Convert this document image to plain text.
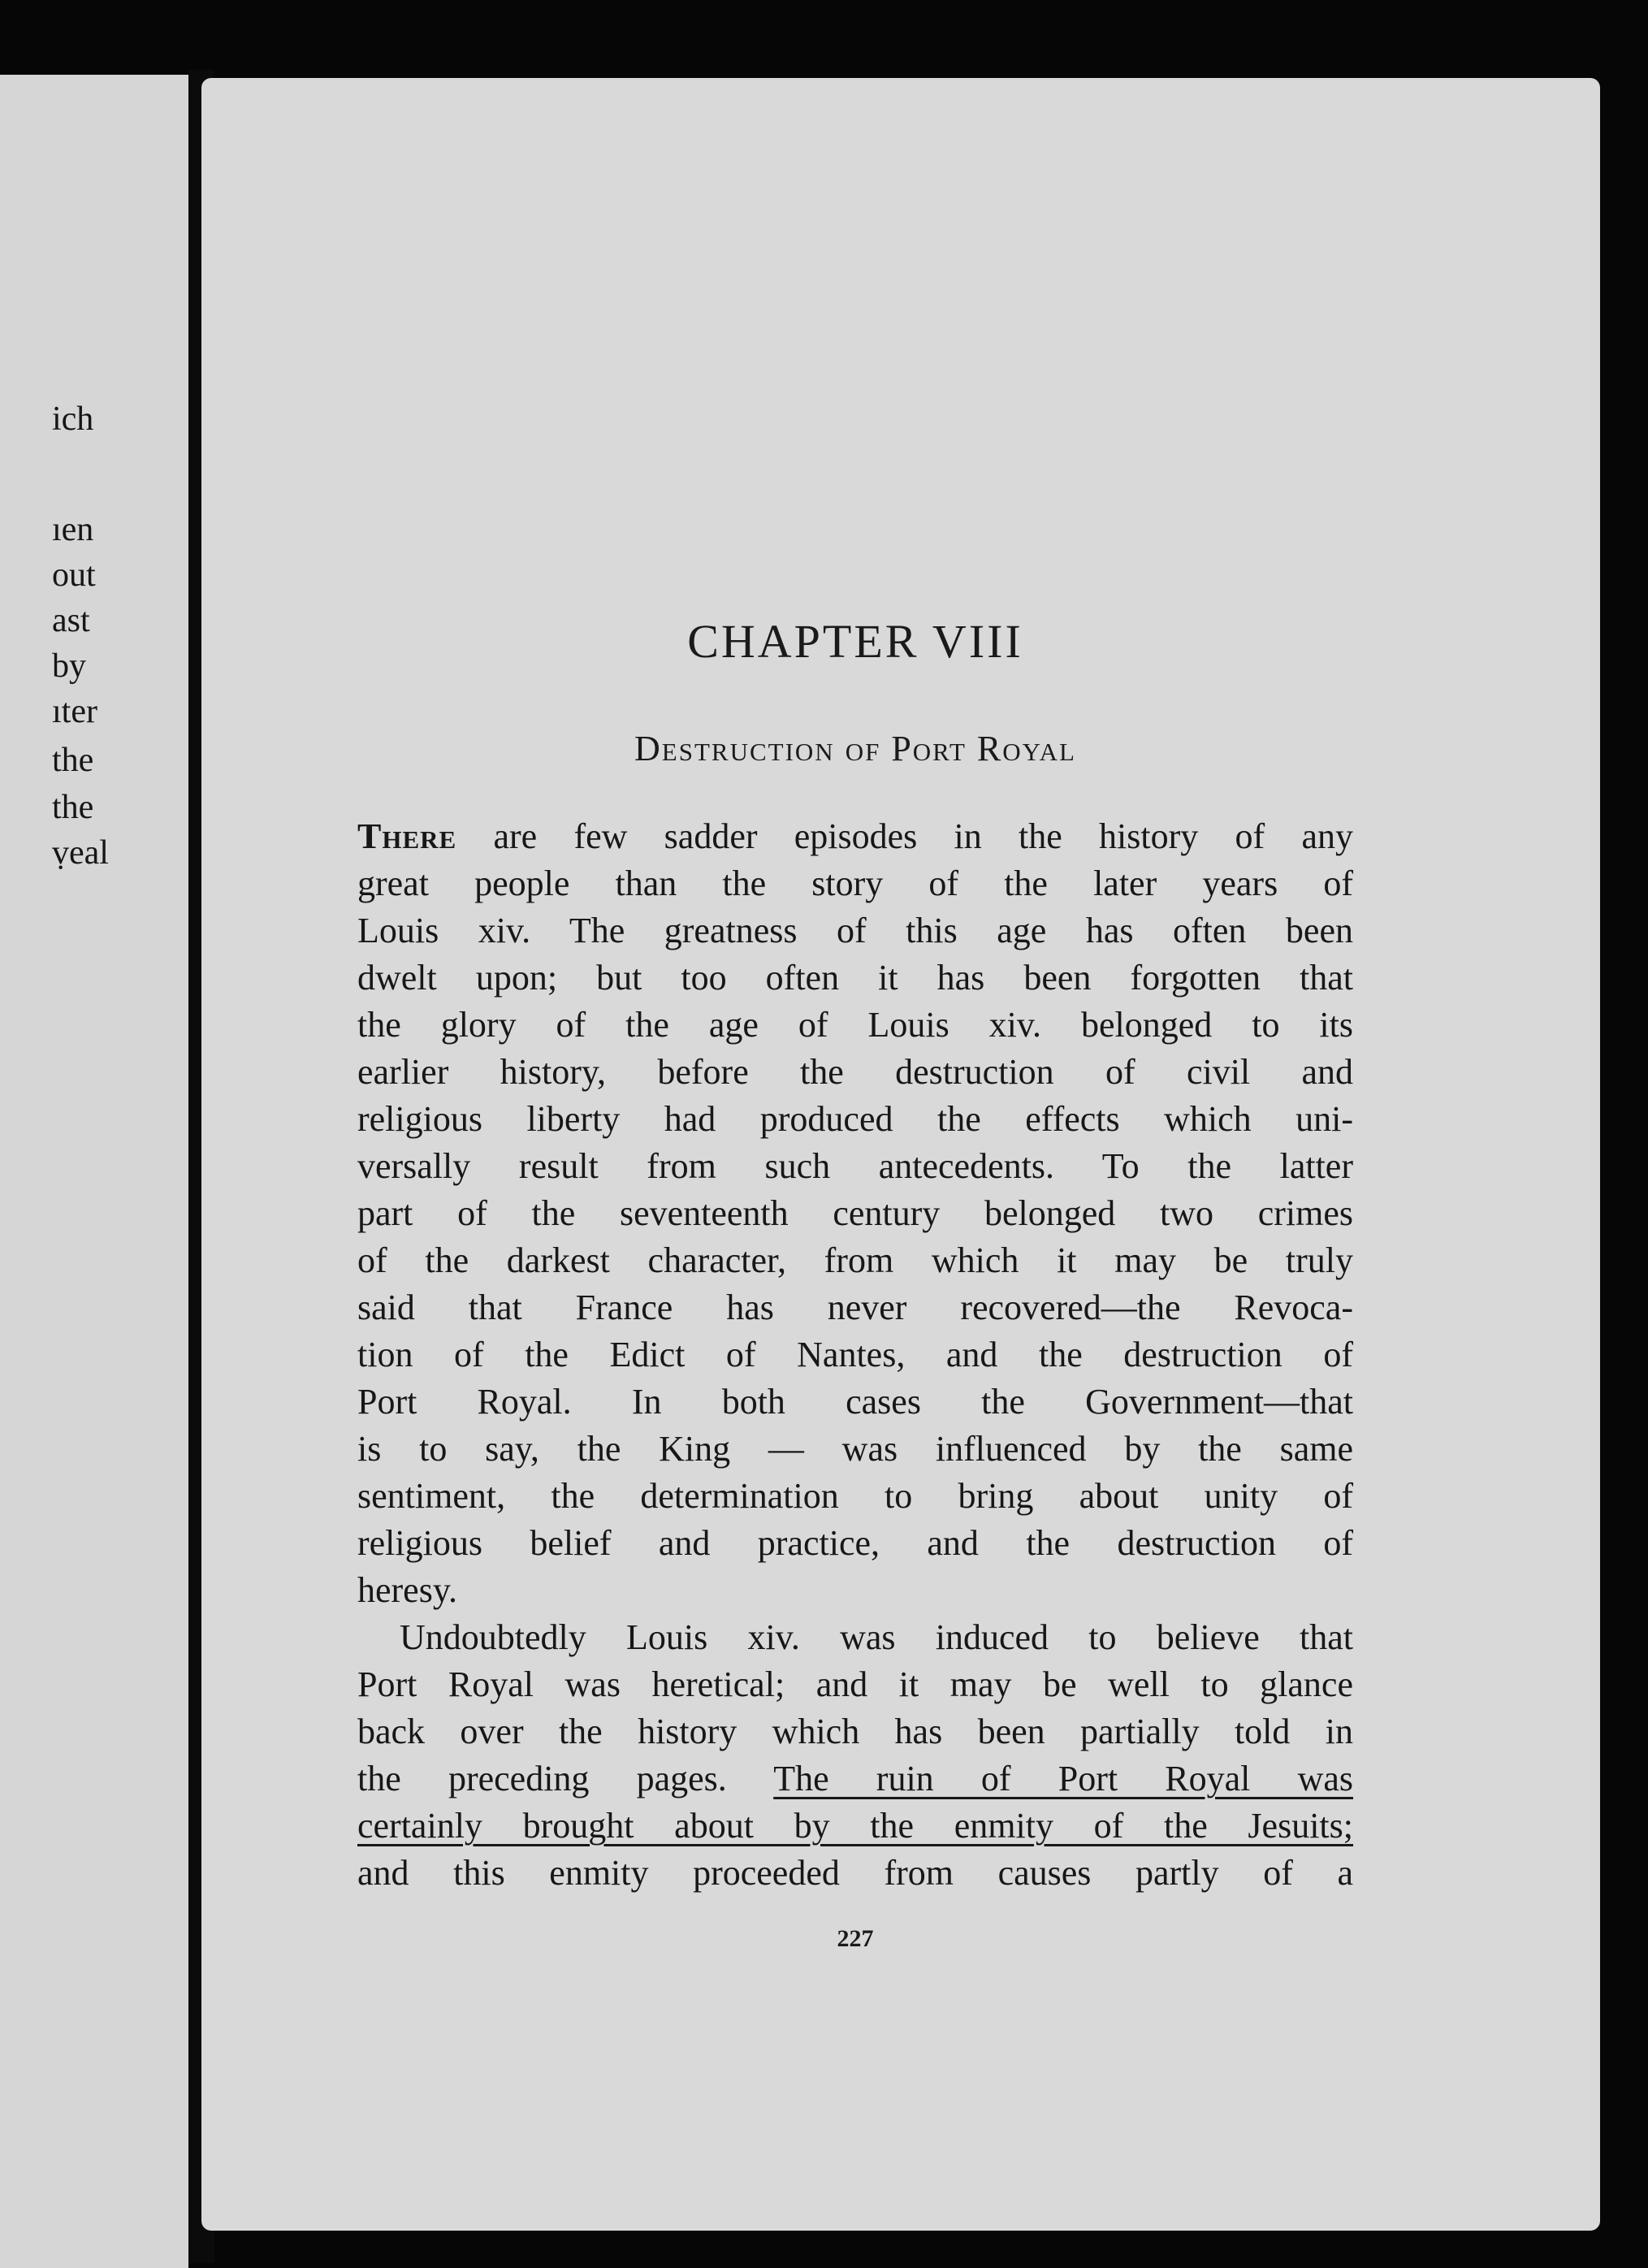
ich
ıen
out
ast
by
ıter
the
the
ṿeal
CHAPTER VIII
Destruction of Port Royal
There are few sadder episodes in the history of any
great people than the story of the later years of
Louis xiv. The greatness of this age has often been
dwelt upon; but too often it has been forgotten that
the glory of the age of Louis xiv. belonged to its
earlier history, before the destruction of civil and
religious liberty had produced the effects which uni-
versally result from such antecedents. To the latter
part of the seventeenth century belonged two crimes
of the darkest character, from which it may be truly
said that France has never recovered—the Revoca-
tion of the Edict of Nantes, and the destruction of
Port Royal. In both cases the Government—that
is to say, the King — was influenced by the same
sentiment, the determination to bring about unity of
religious belief and practice, and the destruction of
heresy.
Undoubtedly Louis xiv. was induced to believe that
Port Royal was heretical; and it may be well to glance
back over the history which has been partially told in
the preceding pages. The ruin of Port Royal was
certainly brought about by the enmity of the Jesuits;
and this enmity proceeded from causes partly of a
227
